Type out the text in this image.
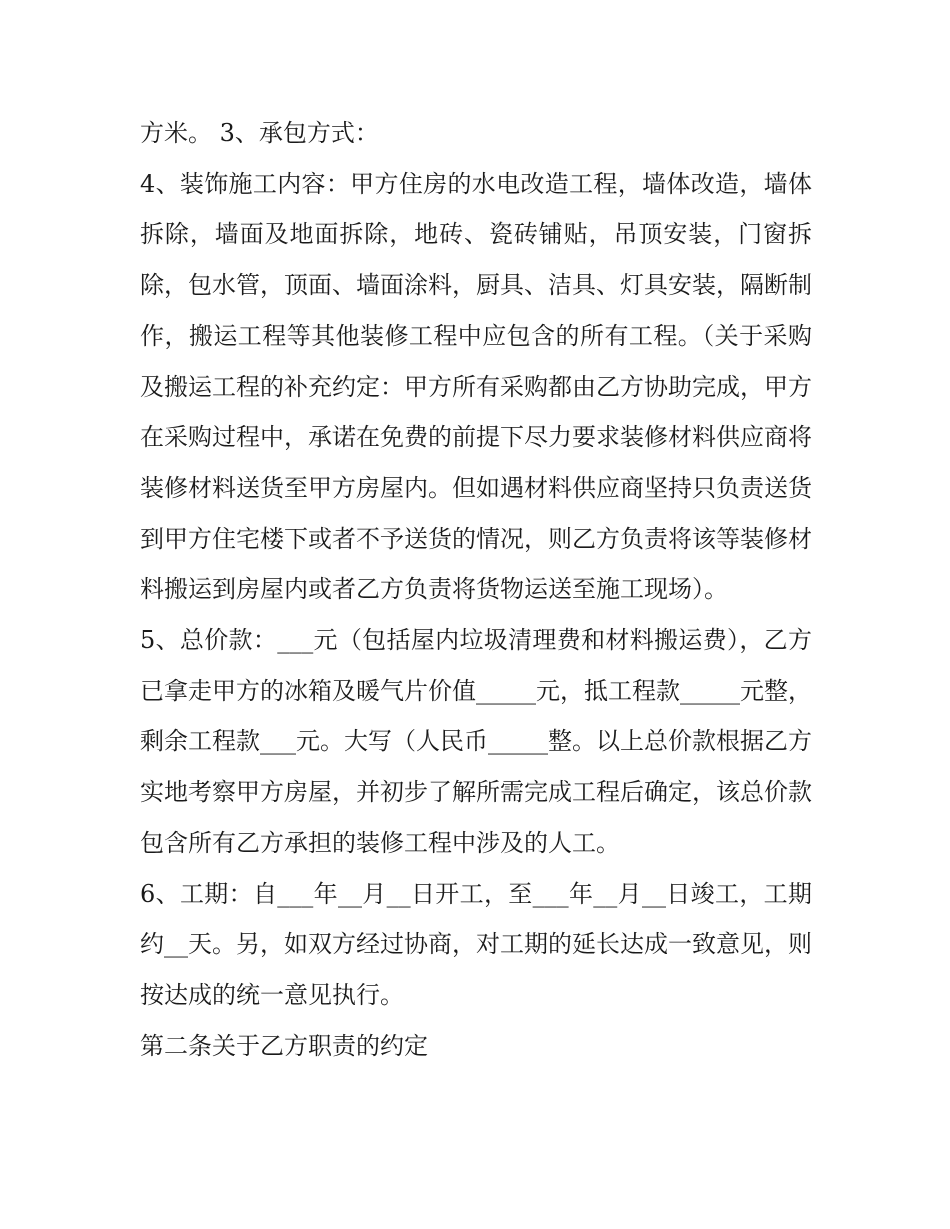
方米。 3、承包方式：

4、装饰施工内容：甲方住房的水电改造工程，墙体改造，墙体拆除，墙面及地面拆除，地砖、瓷砖铺贴，吊顶安装，门窗拆除，包水管，顶面、墙面涂料，厨具、洁具、灯具安装，隔断制作，搬运工程等其他装修工程中应包含的所有工程。（关于采购及搬运工程的补充约定：甲方所有采购都由乙方协助完成，甲方在采购过程中，承诺在免费的前提下尽力要求装修材料供应商将装修材料送货至甲方房屋内。但如遇材料供应商坚持只负责送货到甲方住宅楼下或者不予送货的情况，则乙方负责将该等装修材料搬运到房屋内或者乙方负责将货物运送至施工现场）。

5、总价款：___元（包括屋内垃圾清理费和材料搬运费），乙方已拿走甲方的冰箱及暖气片价值_____元，抵工程款_____元整，剩余工程款___元。大写（人民币_____整。以上总价款根据乙方实地考察甲方房屋，并初步了解所需完成工程后确定，该总价款包含所有乙方承担的装修工程中涉及的人工。

6、工期：自___年__月__日开工，至___年__月__日竣工，工期约__天。另，如双方经过协商，对工期的延长达成一致意见，则按达成的统一意见执行。

第二条关于乙方职责的约定
